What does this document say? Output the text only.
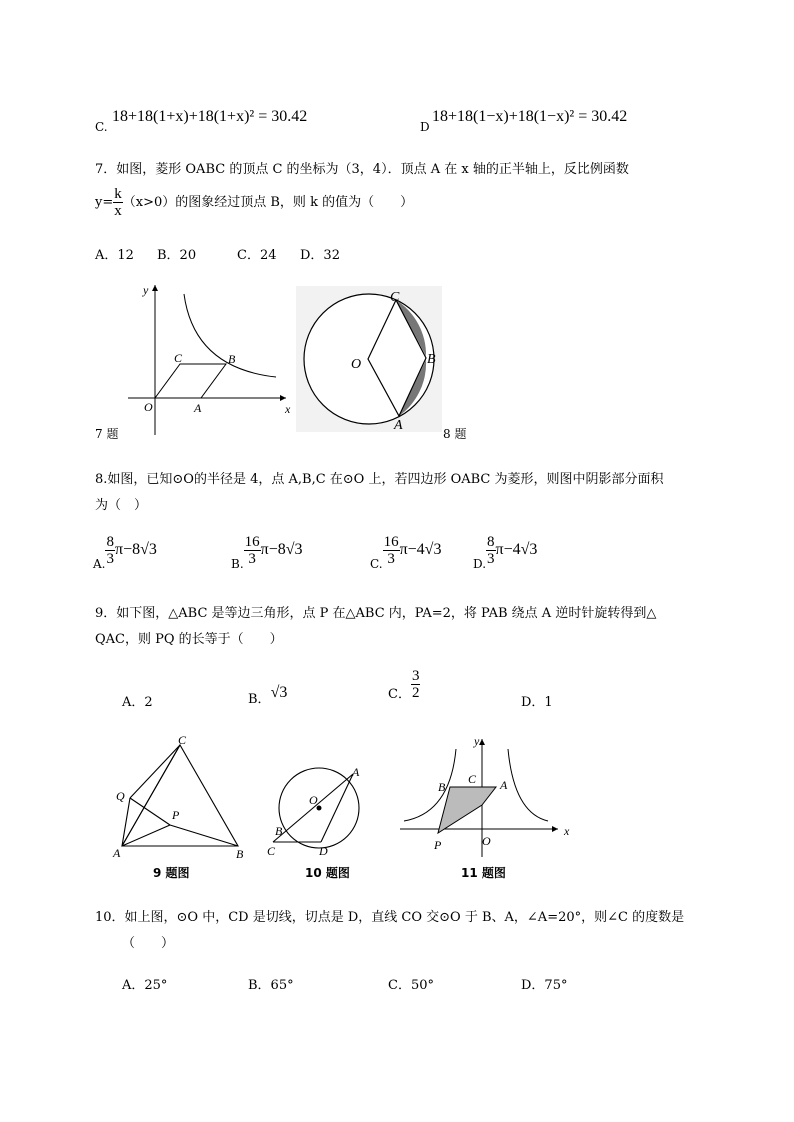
C.
18+18(1+x)+18(1+x)² = 30.42
D
18+18(1−x)+18(1−x)² = 30.42
7．如图，菱形 OABC 的顶点 C 的坐标为（3，4）．顶点 A 在 x 轴的正半轴上，反比例函数
$y= \frac{k}{x} (x>0)$的图象经过顶点 B，则 k 的值为（　　）
A．12 B．20	C．24 D．32
y
x
O	A
B
C
7 题
C
B
A
O
8 题
8.如图，已知⊙O的半径是 4，点 A,B,C 在⊙O 上，若四边形 OABC 为菱形，则图中阴影部分面积
为（　）
A. $\frac{8}{3} \pi-8√3$
B. $\frac{16}{3} \pi-8√3$
C. $\frac{16}{3} \pi-4√3$
D. $\frac{8}{3} \pi-4√3$
9．如下图，△ABC 是等边三角形，点 P 在△ABC 内，PA=2，将 PAB 绕点 A 逆时针旋转得到△
QAC，则 PQ 的长等于（　　）
A．2	B．√3	C． $\frac{3}{2}$
D．1
A	B
C
P
Q
9 题图
O
A
B
C	D
10 题图
y
x
B
C A
O
P
11 题图
10．如上图，⊙O 中，CD 是切线，切点是 D，直线 CO 交⊙O 于 B、A，∠A=20°，则∠C 的度数是
（　　）
A．25°	B．65°	C．50°	D．75°
